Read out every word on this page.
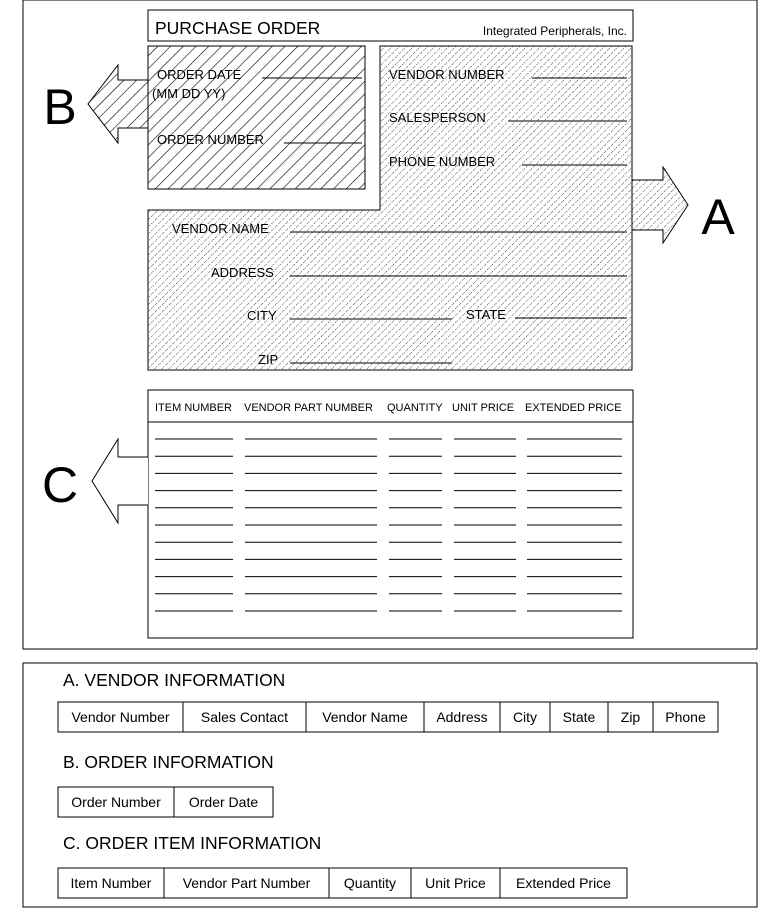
PURCHASE ORDER	Integrated Peripherals, Inc.
A
B
ORDER DATE
(MM DD YY)
ORDER NUMBER
VENDOR NUMBER
SALESPERSON
PHONE NUMBER
VENDOR NAME
ADDRESS
CITY	STATE
ZIP
ITEM NUMBER VENDOR PART NUMBER QUANTITY UNIT PRICE EXTENDED PRICE
C
A. VENDOR INFORMATION
Vendor Number Sales Contact Vendor Name Address City State Zip Phone
B. ORDER INFORMATION
Order Number Order Date
C. ORDER ITEM INFORMATION
Item Number Vendor Part Number Quantity Unit Price Extended Price
